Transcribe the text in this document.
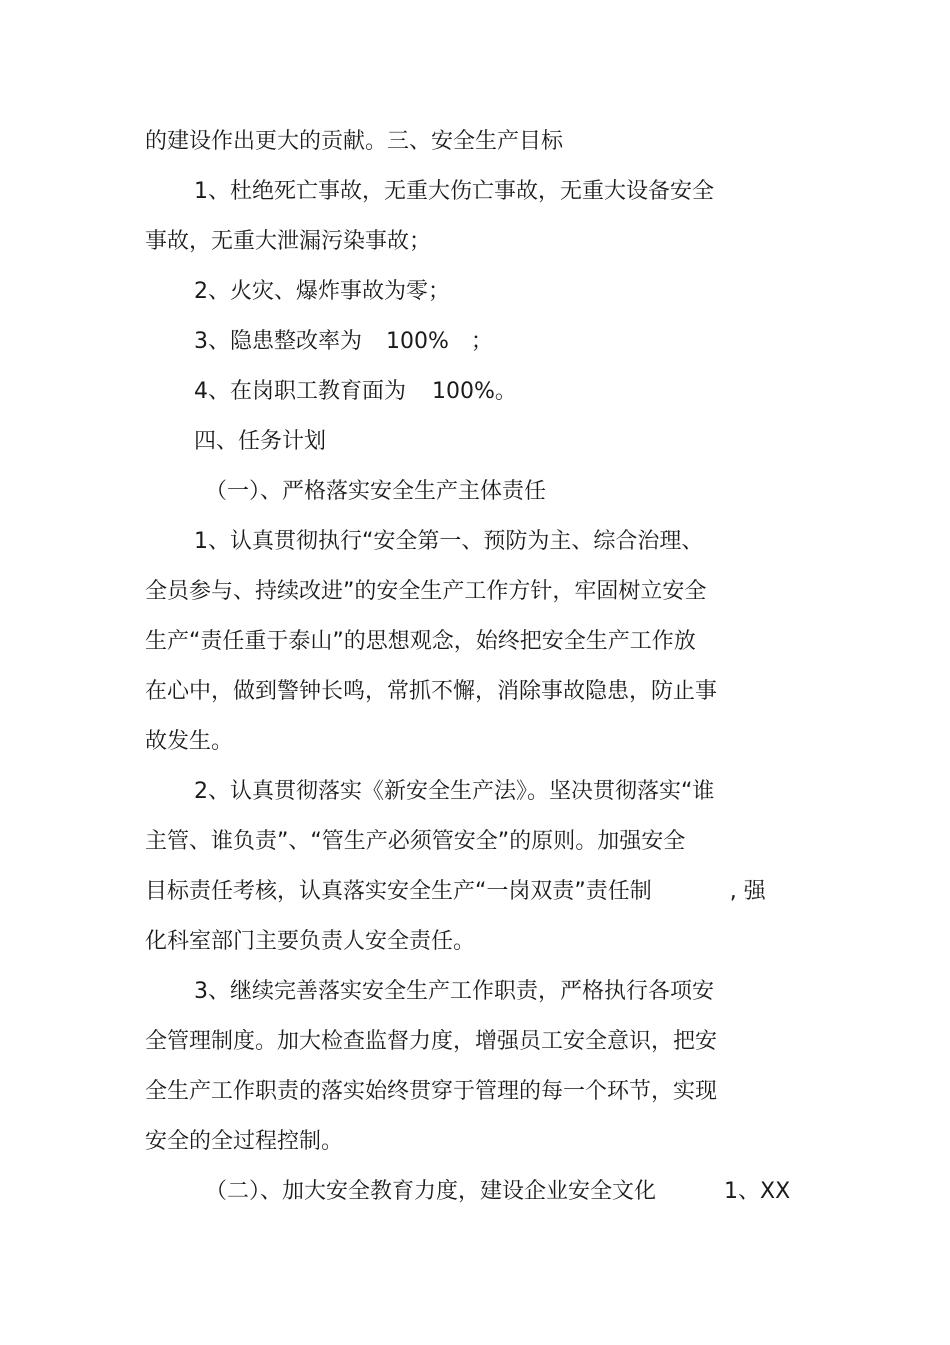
的建设作出更大的贡献。三、安全生产目标
1、杜绝死亡事故，无重大伤亡事故，无重大设备安全
事故，无重大泄漏污染事故；
2、火灾、爆炸事故为零；
3、隐患整改率为 100% ；
4、在岗职工教育面为 100%。
四、任务计划
（一）、严格落实安全生产主体责任
1、认真贯彻执行“安全第一、预防为主、综合治理、
全员参与、持续改进”的安全生产工作方针，牢固树立安全
生产“责任重于泰山”的思想观念，始终把安全生产工作放
在心中，做到警钟长鸣，常抓不懈，消除事故隐患，防止事
故发生。
2、认真贯彻落实《新安全生产法》。坚决贯彻落实“谁
主管、谁负责”、“管生产必须管安全”的原则。加强安全
目标责任考核，认真落实安全生产“一岗双责”责任制	, 强
化科室部门主要负责人安全责任。
3、继续完善落实安全生产工作职责，严格执行各项安
全管理制度。加大检查监督力度，增强员工安全意识，把安
全生产工作职责的落实始终贯穿于管理的每一个环节，实现
安全的全过程控制。
（二）、加大安全教育力度，建设企业安全文化	1、XX
